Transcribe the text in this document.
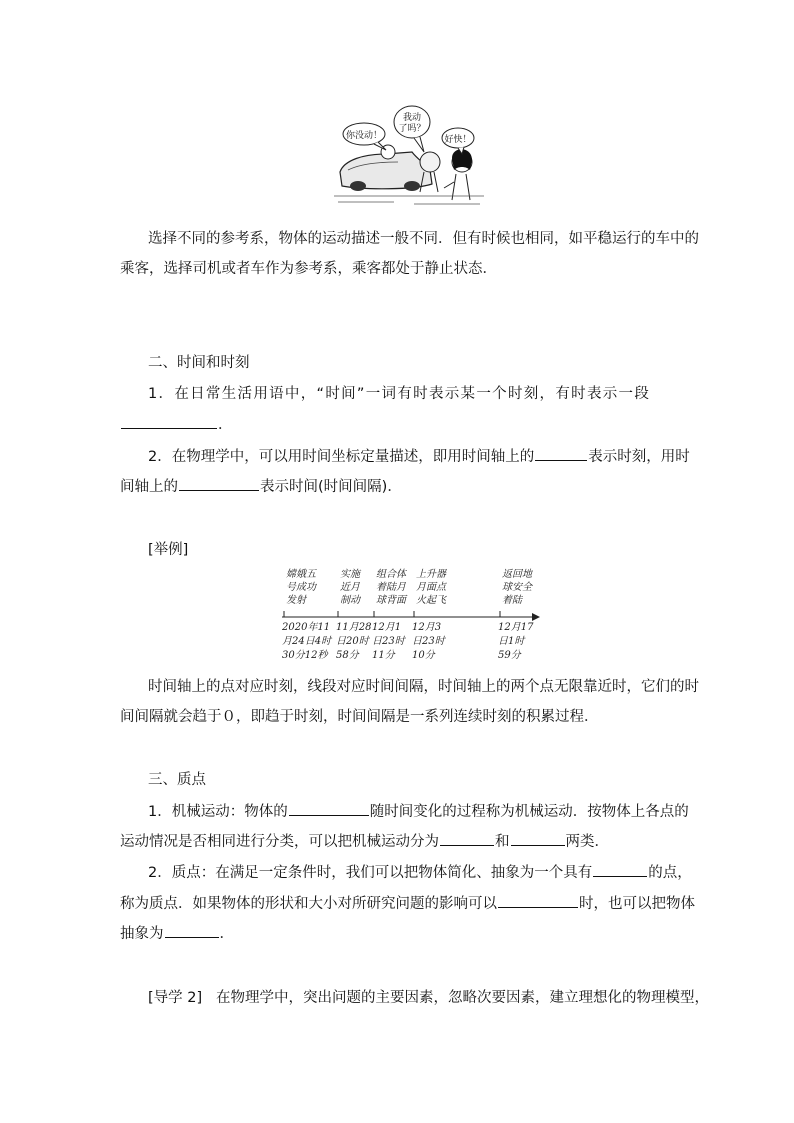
你没动！
我动
了吗？
好快！
选择不同的参考系，物体的运动描述一般不同．但有时候也相同，如平稳运行的车中的
乘客，选择司机或者车作为参考系，乘客都处于静止状态．
二、时间和时刻
1．在日常生活用语中，“时间”一词有时表示某一个时刻，有时表示一段
．
2．在物理学中，可以用时间坐标定量描述，即用时间轴上的	表示时刻，用时
间轴上的	表示时间(时间间隔)．
[举例]
嫦娥五
号成功
发射
2020年11
月24日4时
30分12秒
实施
近月
制动
11月28
日20时
58分
组合体
着陆月
球背面
12月1
日23时
11分
上升器
月面点
火起飞
12月3
日23时
10分
返回地
球安全
着陆
12月17
日1时
59分
时间轴上的点对应时刻，线段对应时间间隔，时间轴上的两个点无限靠近时，它们的时
间间隔就会趋于０，即趋于时刻，时间间隔是一系列连续时刻的积累过程．
三、质点
1．机械运动：物体的	随时间变化的过程称为机械运动．按物体上各点的
运动情况是否相同进行分类，可以把机械运动分为	和	两类．
2．质点：在满足一定条件时，我们可以把物体简化、抽象为一个具有	的点，
称为质点．如果物体的形状和大小对所研究问题的影响可以	时，也可以把物体
抽象为	．
[导学 2] 在物理学中，突出问题的主要因素，忽略次要因素，建立理想化的物理模型，
